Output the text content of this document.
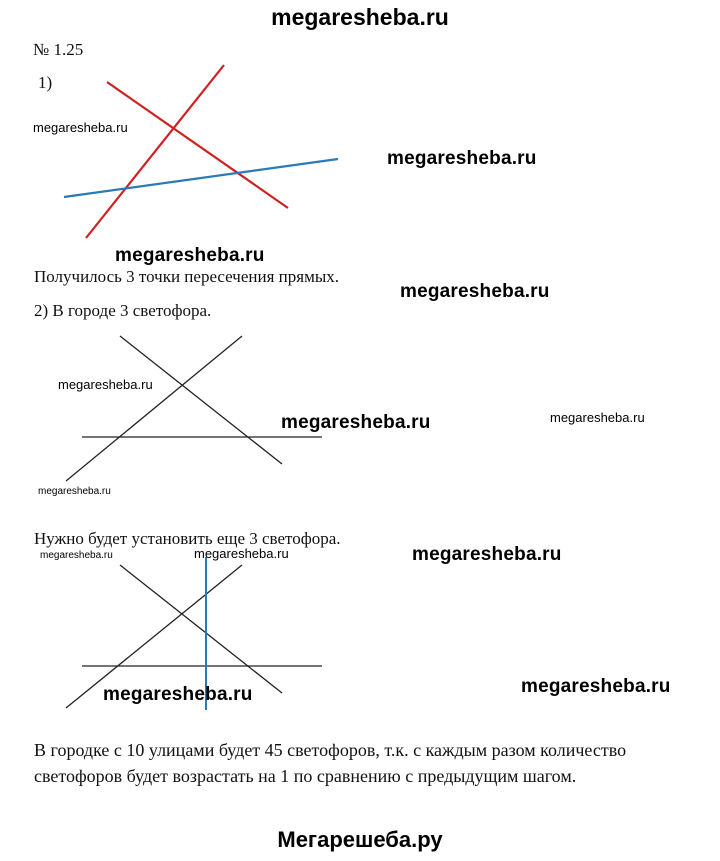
megaresheba.ru
№ 1.25
1)
Получилось 3 точки пересечения прямых.
2) В городе 3 светофора.
Нужно будет установить еще 3 светофора.
В городке с 10 улицами будет 45 светофоров, т.к. с каждым разом количество
светофоров будет возрастать на 1 по сравнению с предыдущим шагом.
megaresheba.ru
megaresheba.ru
megaresheba.ru
megaresheba.ru
megaresheba.ru
megaresheba.ru	megaresheba.ru
megaresheba.ru
megaresheba.ru	megaresheba.ru	megaresheba.ru
megaresheba.ru	megaresheba.ru
Мегарешеба.ру
